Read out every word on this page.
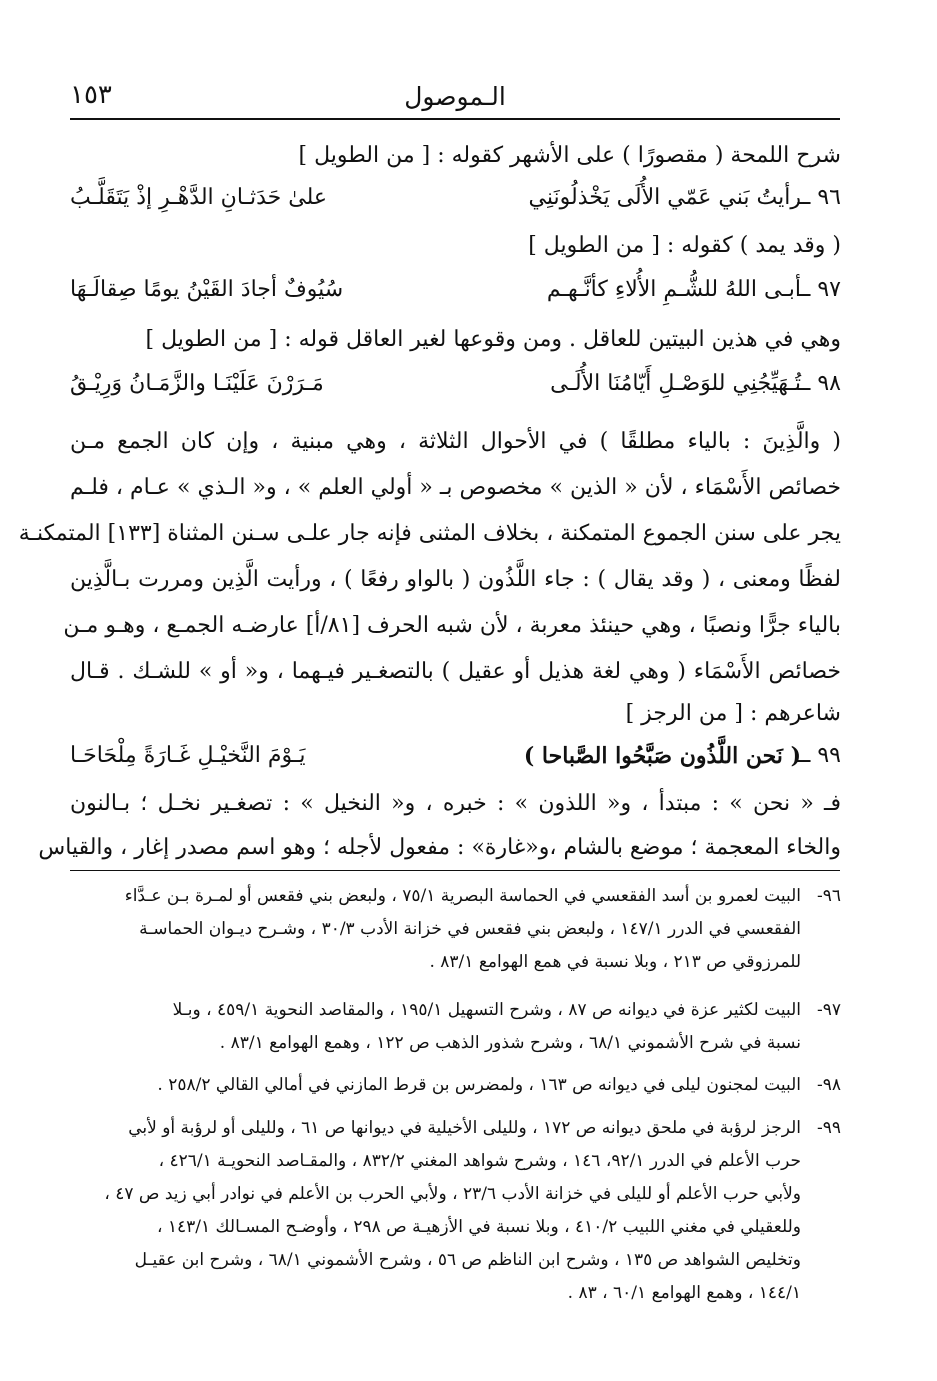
الـموصول
١٥٣
شرح اللمحة ( مقصورًا ) على الأشهر كقوله : [ من الطويل ]
٩٦ ــ
رأيتُ بَني عَمّي الأُلَى يَخْذلُونَنِي
علىٰ حَدَثـانِ الدَّهْـرِ إذْ يَتَقَلَّـبُ
( وقد يمد ) كقوله : [ من الطويل ]
٩٧ ــ
أبـى اللهُ للشُّـمِ الأُلاءِ كأنَّـهـم
سُيُوفٌ أجادَ القَيْنُ يومًا صِقالَـهَا
وهي في هذين البيتين للعاقل . ومن وقوعها لغير العاقل قوله : [ من الطويل ]
٩٨ ــ
تُـهَيِّجُنِي للوَصْـلِ أَيّامُنَا الأُلَـى
مَـرَرْنَ عَلَيْنَـا والزَّمَـانُ وَرِيْـقُ
( والَّذِينَ : بالياء مطلقًا ) في الأحوال الثلاثة ، وهي مبنية ، وإن كان الجمع مـن
خصائص الأَسْمَاء ، لأن « الذين » مخصوص بـ « أولي العلم » ، و« الـذي » عـام ، فلـم
يجر على سنن الجموع المتمكنة ، بخلاف المثنى فإنه جار علـى سـنن المثناة [١٣٣] المتمكنـة
لفظًا ومعنى ، ( وقد يقال ) : جاء اللَّذُون ( بالواو رفعًا ) ، ورأيت الَّذِين ومررت بـالَّذِين
بالياء جرًّا ونصبًا ، وهي حينئذ معربة ، لأن شبه الحرف [٨١/أ] عارضـه الجمـع ، وهـو مـن
خصائص الأَسْمَاء ( وهي لغة هذيل أو عقيل ) بالتصغـير فيـهما ، و« أو » للشـك . قـال
شاعرهم : [ من الرجز ]
٩٩ ــ
( نَحن اللَّذُون صَبَّحُوا الصَّباحا )
يَـوْمَ النَّخيْـلِ غَـارَةً مِلْحَاحَـا
فـ « نحن » : مبتدأ ، و« اللذون » : خبره ، و« النخيل » : تصغـير نخـل ؛ بـالنون
والخاء المعجمة ؛ موضع بالشام ،و«غارة» : مفعول لأجله ؛ وهو اسم مصدر إغار ، والقياس
٩٦-
البيت لعمرو بن أسد الفقعسي في الحماسة البصرية ٧٥/١ ، ولبعض بني فقعس أو لمـرة بـن عـدَّاء
الفقعسي في الدرر ١٤٧/١ ، ولبعض بني فقعس في خزانة الأدب ٣٠/٣ ، وشـرح ديـوان الحماسـة
للمرزوقي ص ٢١٣ ، وبلا نسبة في همع الهوامع ٨٣/١ .
٩٧-
البيت لكثير عزة في ديوانه ص ٨٧ ، وشرح التسهيل ١٩٥/١ ، والمقاصد النحوية ٤٥٩/١ ، وبـلا
نسبة في شرح الأشموني ٦٨/١ ، وشرح شذور الذهب ص ١٢٢ ، وهمع الهوامع ٨٣/١ .
٩٨-
البيت لمجنون ليلى في ديوانه ص ١٦٣ ، ولمضرس بن قرط المازني في أمالي القالي ٢٥٨/٢ .
٩٩-
الرجز لرؤبة في ملحق ديوانه ص ١٧٢ ، ولليلى الأخيلية في ديوانها ص ٦١ ، ولليلى أو لرؤبة أو لأبي
حرب الأعلم في الدرر ٩٢/١، ١٤٦ ، وشرح شواهد المغني ٨٣٢/٢ ، والمقـاصد النحويـة ٤٢٦/١ ،
ولأبي حرب الأعلم أو لليلى في خزانة الأدب ٢٣/٦ ، ولأبي الحرب بن الأعلم في نوادر أبي زيد ص ٤٧ ،
وللعقيلي في مغني اللبيب ٤١٠/٢ ، وبلا نسبة في الأزهيـة ص ٢٩٨ ، وأوضـح المسـالك ١٤٣/١ ،
وتخليص الشواهد ص ١٣٥ ، وشرح ابن الناظم ص ٥٦ ، وشرح الأشموني ٦٨/١ ، وشرح ابن عقيـل
١٤٤/١ ، وهمع الهوامع ٦٠/١ ، ٨٣ .
